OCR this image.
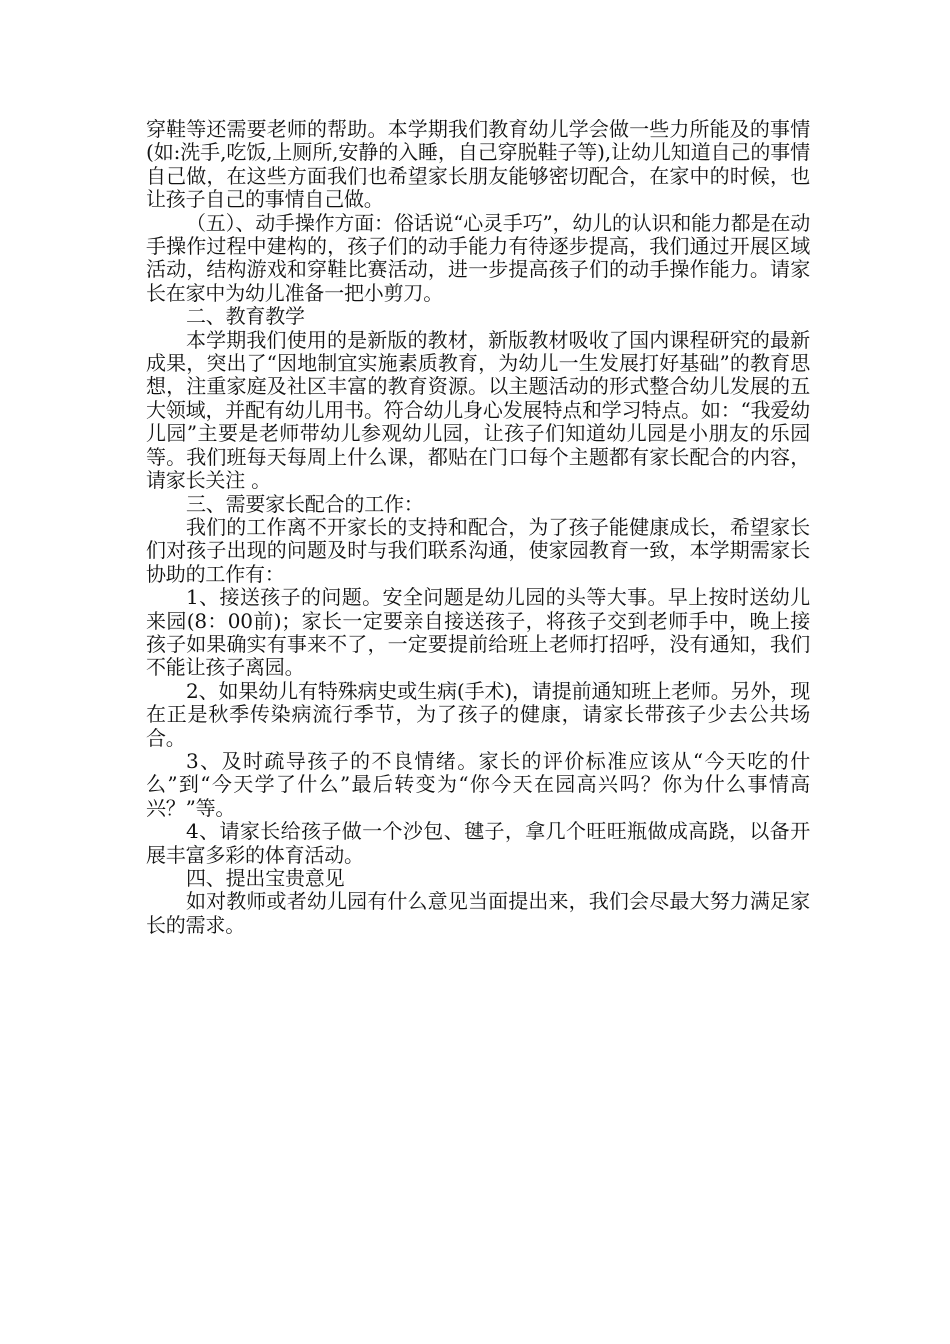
穿鞋等还需要老师的帮助。本学期我们教育幼儿学会做一些力所能及的事情(如:洗手,吃饭,上厕所,安静的入睡，自己穿脱鞋子等),让幼儿知道自己的事情自己做，在这些方面我们也希望家长朋友能够密切配合，在家中的时候，也让孩子自己的事情自己做。

（五）、动手操作方面：俗话说“心灵手巧”，幼儿的认识和能力都是在动手操作过程中建构的，孩子们的动手能力有待逐步提高，我们通过开展区域活动，结构游戏和穿鞋比赛活动，进一步提高孩子们的动手操作能力。请家长在家中为幼儿准备一把小剪刀。

二、教育教学

本学期我们使用的是新版的教材，新版教材吸收了国内课程研究的最新成果，突出了“因地制宜实施素质教育，为幼儿一生发展打好基础”的教育思想，注重家庭及社区丰富的教育资源。以主题活动的形式整合幼儿发展的五大领域，并配有幼儿用书。符合幼儿身心发展特点和学习特点。如：“我爱幼儿园”主要是老师带幼儿参观幼儿园，让孩子们知道幼儿园是小朋友的乐园等。我们班每天每周上什么课，都贴在门口每个主题都有家长配合的内容，请家长关注 。

三、需要家长配合的工作：

我们的工作离不开家长的支持和配合，为了孩子能健康成长，希望家长们对孩子出现的问题及时与我们联系沟通，使家园教育一致，本学期需家长协助的工作有：

1、接送孩子的问题。安全问题是幼儿园的头等大事。早上按时送幼儿来园(8：00前)；家长一定要亲自接送孩子，将孩子交到老师手中，晚上接孩子如果确实有事来不了，一定要提前给班上老师打招呼，没有通知，我们不能让孩子离园。

2、如果幼儿有特殊病史或生病(手术)，请提前通知班上老师。另外，现在正是秋季传染病流行季节，为了孩子的健康，请家长带孩子少去公共场合。

3、及时疏导孩子的不良情绪。家长的评价标准应该从“今天吃的什么”到“今天学了什么”最后转变为“你今天在园高兴吗？你为什么事情高兴？”等。

4、请家长给孩子做一个沙包、毽子，拿几个旺旺瓶做成高跷，以备开展丰富多彩的体育活动。

四、提出宝贵意见

如对教师或者幼儿园有什么意见当面提出来，我们会尽最大努力满足家长的需求。
